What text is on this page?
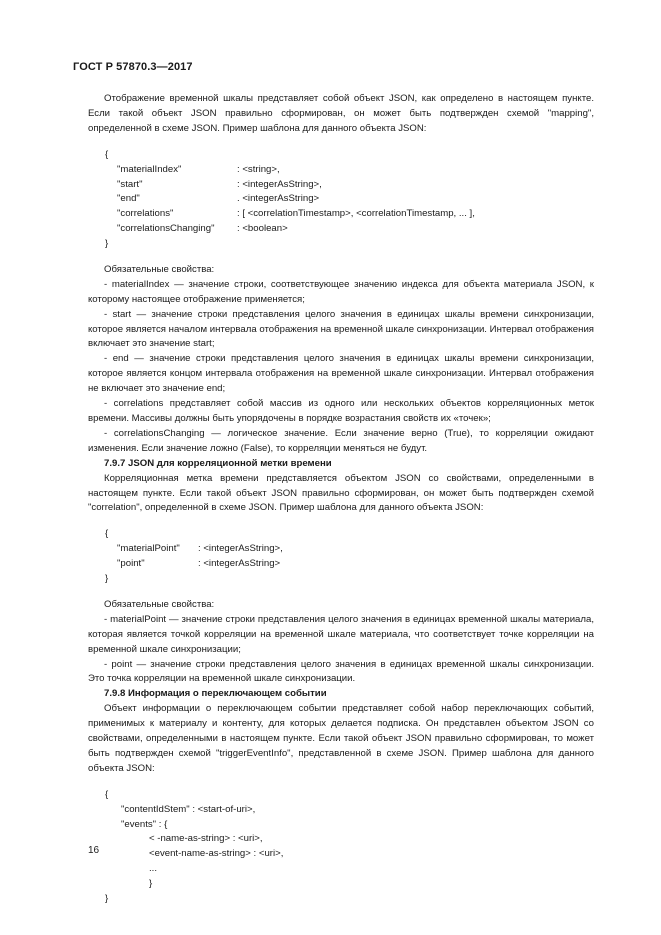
ГОСТ Р 57870.3—2017

Отображение временной шкалы представляет собой объект JSON, как определено в настоящем пункте. Если такой объект JSON правильно сформирован, он может быть подтвержден схемой "mapping", определенной в схеме JSON. Пример шаблона для данного объекта JSON:

{
"materialIndex"	: <string>,
"start"	: <integerAsString>,
"end"	. <integerAsString>
"correlations"	: [ <correlationTimestamp>, <correlationTimestamp, ... ],
"correlationsChanging"	: <boolean>
}

Обязательные свойства:

- materialIndex — значение строки, соответствующее значению индекса для объекта материала JSON, к которому настоящее отображение применяется;

- start — значение строки представления целого значения в единицах шкалы времени синхронизации, которое является началом интервала отображения на временной шкале синхронизации. Интервал отображения включает это значение start;

- end — значение строки представления целого значения в единицах шкалы времени синхронизации, которое является концом интервала отображения на временной шкале синхронизации. Интервал отображения не включает это значение end;

- correlations представляет собой массив из одного или нескольких объектов корреляционных меток времени. Массивы должны быть упорядочены в порядке возрастания свойств их «точек»;

- correlationsChanging — логическое значение. Если значение верно (True), то корреляции ожидают изменения. Если значение ложно (False), то корреляции меняться не будут.

7.9.7 JSON для корреляционной метки времени

Корреляционная метка времени представляется объектом JSON со свойствами, определенными в настоящем пункте. Если такой объект JSON правильно сформирован, он может быть подтвержден схемой "correlation", определенной в схеме JSON. Пример шаблона для данного объекта JSON:

{
"materialPoint"	: <integerAsString>,
"point"	: <integerAsString>
}

Обязательные свойства:

- materialPoint — значение строки представления целого значения в единицах временной шкалы материала, которая является точкой корреляции на временной шкале материала, что соответствует точке корреляции на временной шкале синхронизации;

- point — значение строки представления целого значения в единицах временной шкалы синхронизации. Это точка корреляции на временной шкале синхронизации.

7.9.8 Информация о переключающем событии

Объект информации о переключающем событии представляет собой набор переключающих событий, применимых к материалу и контенту, для которых делается подписка. Он представлен объектом JSON со свойствами, определенными в настоящем пункте. Если такой объект JSON правильно сформирован, то может быть подтвержден схемой "triggerEventInfo", представленной в схеме JSON. Пример шаблона для данного объекта JSON:

{
"contentIdStem" : <start-of-uri>,
"events" : {
< -name-as-string> : <uri>,
<event-name-as-string> : <uri>,
...
}
}
16
